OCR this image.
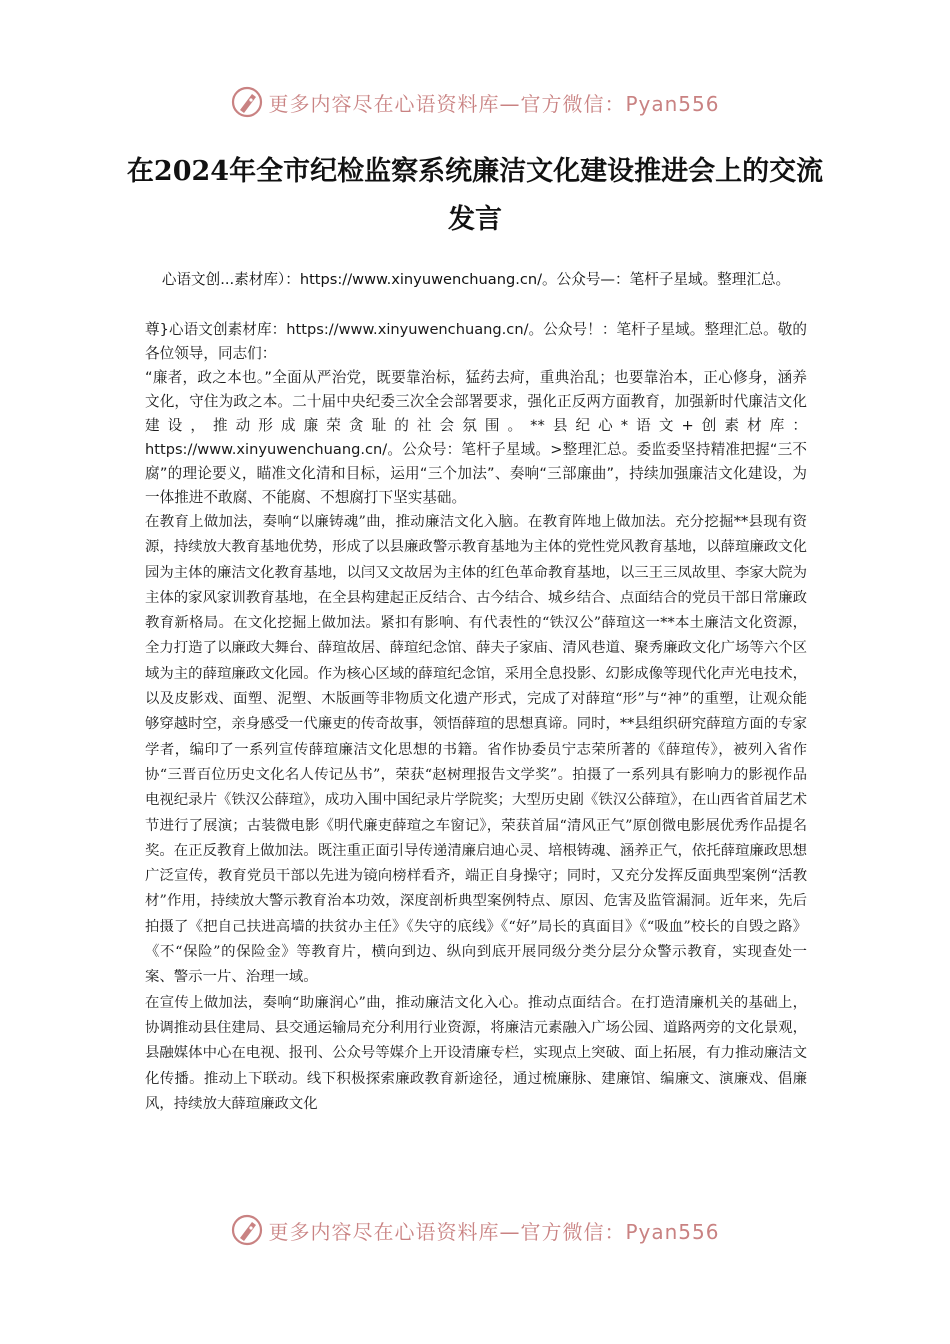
更多内容尽在心语资料库—官方微信：Pyan556
在2024年全市纪检监察系统廉洁文化建设推进会上的交流发言
心语文创...素材库）：https://www.xinyuwenchuang.cn/。公众号—：笔杆子星域。整理汇总。

尊}心语文创素材库：https://www.xinyuwenchuang.cn/。公众号！：笔杆子星域。整理汇总。敬的各位领导，同志们：

“廉者，政之本也。”全面从严治党，既要靠治标，猛药去疴，重典治乱；也要靠治本，正心修身，涵养文化，守住为政之本。二十届中央纪委三次全会部署要求，强化正反两方面教育，加强新时代廉洁文化建设，推动形成廉荣贪耻的社会氛围。**县纪心*语文+创素材库：https://www.xinyuwenchuang.cn/。公众号：笔杆子星域。>整理汇总。委监委坚持精准把握“三不腐”的理论要义，瞄准文化清和目标，运用“三个加法”、奏响“三部廉曲”，持续加强廉洁文化建设，为一体推进不敢腐、不能腐、不想腐打下坚实基础。

在教育上做加法，奏响“以廉铸魂”曲，推动廉洁文化入脑。在教育阵地上做加法。充分挖掘**县现有资源，持续放大教育基地优势，形成了以县廉政警示教育基地为主体的党性党风教育基地，以薛瑄廉政文化园为主体的廉洁文化教育基地，以闫又文故居为主体的红色革命教育基地，以三王三凤故里、李家大院为主体的家风家训教育基地，在全县构建起正反结合、古今结合、城乡结合、点面结合的党员干部日常廉政教育新格局。在文化挖掘上做加法。紧扣有影响、有代表性的“铁汉公”薛瑄这一**本土廉洁文化资源，全力打造了以廉政大舞台、薛瑄故居、薛瑄纪念馆、薛夫子家庙、清风巷道、聚秀廉政文化广场等六个区域为主的薛瑄廉政文化园。作为核心区域的薛瑄纪念馆，采用全息投影、幻影成像等现代化声光电技术，以及皮影戏、面塑、泥塑、木版画等非物质文化遗产形式，完成了对薛瑄“形”与“神”的重塑，让观众能够穿越时空，亲身感受一代廉吏的传奇故事，领悟薛瑄的思想真谛。同时，**县组织研究薛瑄方面的专家学者，编印了一系列宣传薛瑄廉洁文化思想的书籍。省作协委员宁志荣所著的《薛瑄传》，被列入省作协“三晋百位历史文化名人传记丛书”，荣获“赵树理报告文学奖”。拍摄了一系列具有影响力的影视作品电视纪录片《铁汉公薛瑄》，成功入围中国纪录片学院奖；大型历史剧《铁汉公薛瑄》，在山西省首届艺术节进行了展演；古装微电影《明代廉吏薛瑄之车窗记》，荣获首届“清风正气”原创微电影展优秀作品提名奖。在正反教育上做加法。既注重正面引导传递清廉启迪心灵、培根铸魂、涵养正气，依托薛瑄廉政思想广泛宣传，教育党员干部以先进为镜向榜样看齐，端正自身操守；同时，又充分发挥反面典型案例“活教材”作用，持续放大警示教育治本功效，深度剖析典型案例特点、原因、危害及监管漏洞。近年来，先后拍摄了《把自己扶进高墙的扶贫办主任》《失守的底线》《“好”局长的真面目》《“吸血”校长的自毁之路》《不“保险”的保险金》等教育片，横向到边、纵向到底开展同级分类分层分众警示教育，实现查处一案、警示一片、治理一域。

在宣传上做加法，奏响“助廉润心”曲，推动廉洁文化入心。推动点面结合。在打造清廉机关的基础上，协调推动县住建局、县交通运输局充分利用行业资源，将廉洁元素融入广场公园、道路两旁的文化景观，县融媒体中心在电视、报刊、公众号等媒介上开设清廉专栏，实现点上突破、面上拓展，有力推动廉洁文化传播。推动上下联动。线下积极探索廉政教育新途径，通过梳廉脉、建廉馆、编廉文、演廉戏、倡廉风，持续放大薛瑄廉政文化

更多内容尽在心语资料库—官方微信：Pyan556
